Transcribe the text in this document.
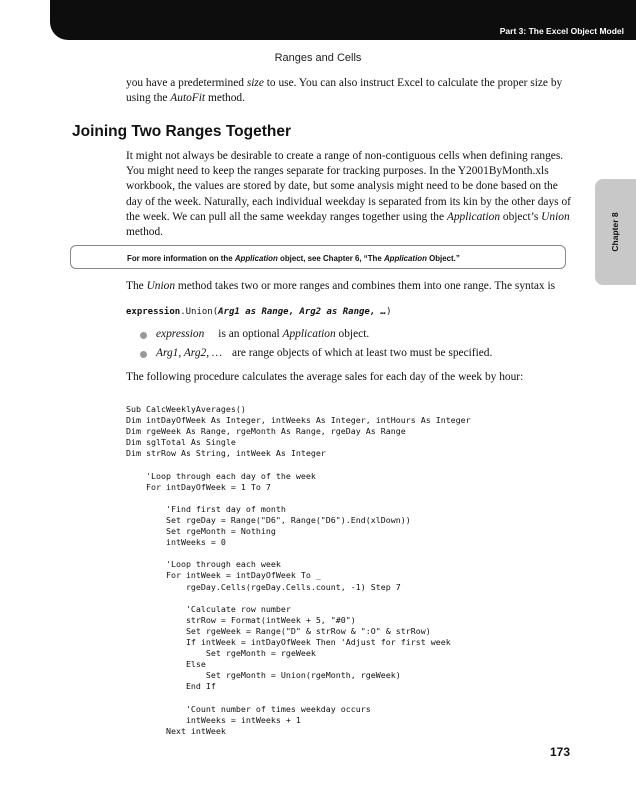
Part 3: The Excel Object Model
Ranges and Cells
Chapter 8

you have a predetermined size to use. You can also instruct Excel to calculate the proper size by using the AutoFit method.

Joining Two Ranges Together

It might not always be desirable to create a range of non-contiguous cells when defining ranges. You might need to keep the ranges separate for tracking purposes. In the Y2001ByMonth.xls workbook, the values are stored by date, but some analysis might need to be done based on the day of the week. Naturally, each individual weekday is separated from its kin by the other days of the week. We can pull all the same weekday ranges together using the Application object’s Union method.

For more information on the Application object, see Chapter 6, “The Application Object.”

The Union method takes two or more ranges and combines them into one range. The syntax is

expression.Union(Arg1 as Range, Arg2 as Range, …)
expression is an optional Application object.
Arg1, Arg2, … are range objects of which at least two must be specified.

The following procedure calculates the average sales for each day of the week by hour:

Sub CalcWeeklyAverages()
Dim intDayOfWeek As Integer, intWeeks As Integer, intHours As Integer
Dim rgeWeek As Range, rgeMonth As Range, rgeDay As Range
Dim sglTotal As Single
Dim strRow As String, intWeek As Integer

'Loop through each day of the week
For intDayOfWeek = 1 To 7

'Find first day of month
Set rgeDay = Range("D6", Range("D6").End(xlDown))
Set rgeMonth = Nothing
intWeeks = 0

'Loop through each week
For intWeek = intDayOfWeek To _
rgeDay.Cells(rgeDay.Cells.count, -1) Step 7

'Calculate row number
strRow = Format(intWeek + 5, "#0")
Set rgeWeek = Range("D" & strRow & ":O" & strRow)
If intWeek = intDayOfWeek Then 'Adjust for first week
Set rgeMonth = rgeWeek
Else
Set rgeMonth = Union(rgeMonth, rgeWeek)
End If

'Count number of times weekday occurs
intWeeks = intWeeks + 1
Next intWeek
173
